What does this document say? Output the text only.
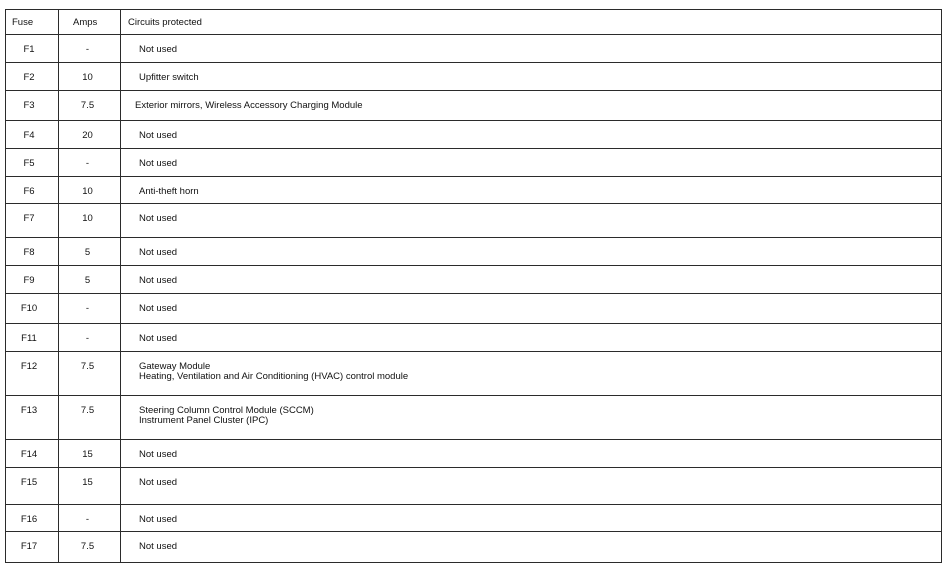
Fuse	Amps	Circuits protected
F1	-	Not used

F2	10	Upfitter switch

F3	7.5	Exterior mirrors, Wireless Accessory Charging Module

F4	20	Not used

F5	-	Not used

F6	10	Anti-theft horn

F7	10	Not used

F8	5	Not used

F9	5	Not used

F10	-	Not used

F11	-	Not used

F12	7.5	Gateway Module
Heating, Ventilation and Air Conditioning (HVAC) control module

F13	7.5	Steering Column Control Module (SCCM)
Instrument Panel Cluster (IPC)

F14	15	Not used

F15	15	Not used

F16	-	Not used

F17	7.5	Not used
